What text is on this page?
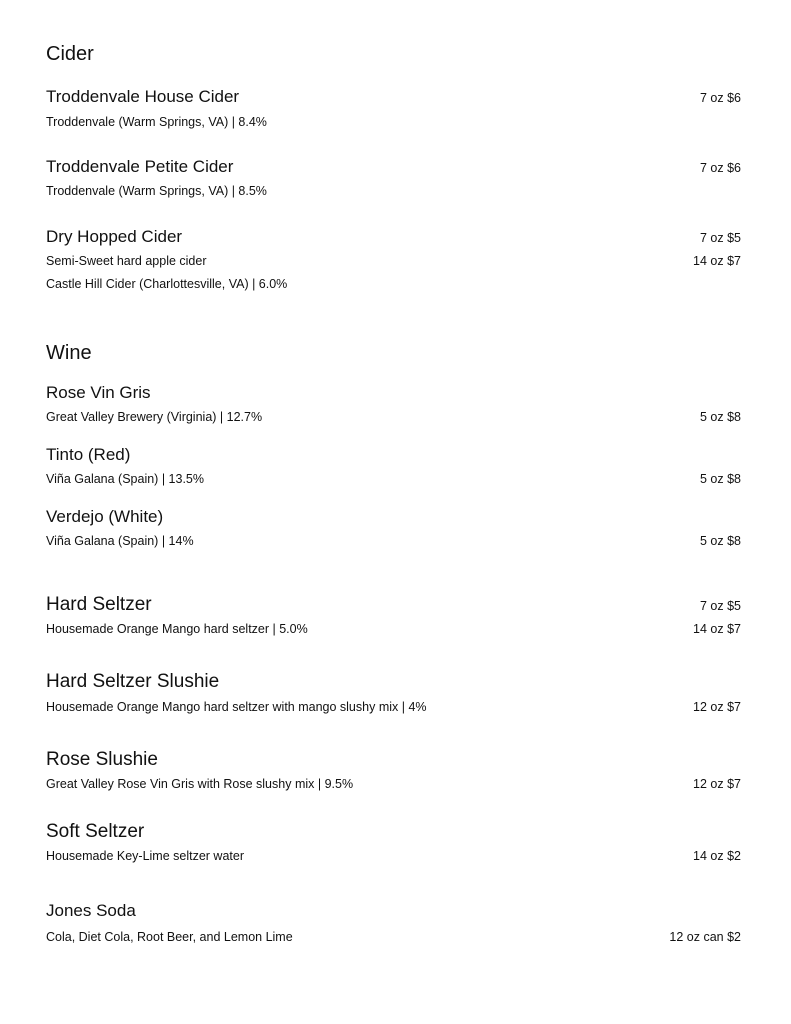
Cider
Troddenvale House Cider	7 oz $6
Troddenvale (Warm Springs, VA) | 8.4%
Troddenvale Petite Cider	7 oz $6
Troddenvale (Warm Springs, VA) | 8.5%
Dry Hopped Cider	7 oz $5
Semi-Sweet hard apple cider	14 oz $7
Castle Hill Cider (Charlottesville, VA) | 6.0%
Wine
Rose Vin Gris
Great Valley Brewery (Virginia) | 12.7%	5 oz $8
Tinto (Red)
Viña Galana (Spain) | 13.5%	5 oz $8
Verdejo (White)
Viña Galana (Spain) | 14%	5 oz $8
Hard Seltzer	7 oz $5
Housemade Orange Mango hard seltzer | 5.0%	14 oz $7
Hard Seltzer Slushie
Housemade Orange Mango hard seltzer with mango slushy mix | 4%	12 oz $7
Rose Slushie
Great Valley Rose Vin Gris with Rose slushy mix | 9.5%	12 oz $7
Soft Seltzer
Housemade Key-Lime seltzer water	14 oz $2
Jones Soda
Cola, Diet Cola, Root Beer, and Lemon Lime	12 oz can $2
